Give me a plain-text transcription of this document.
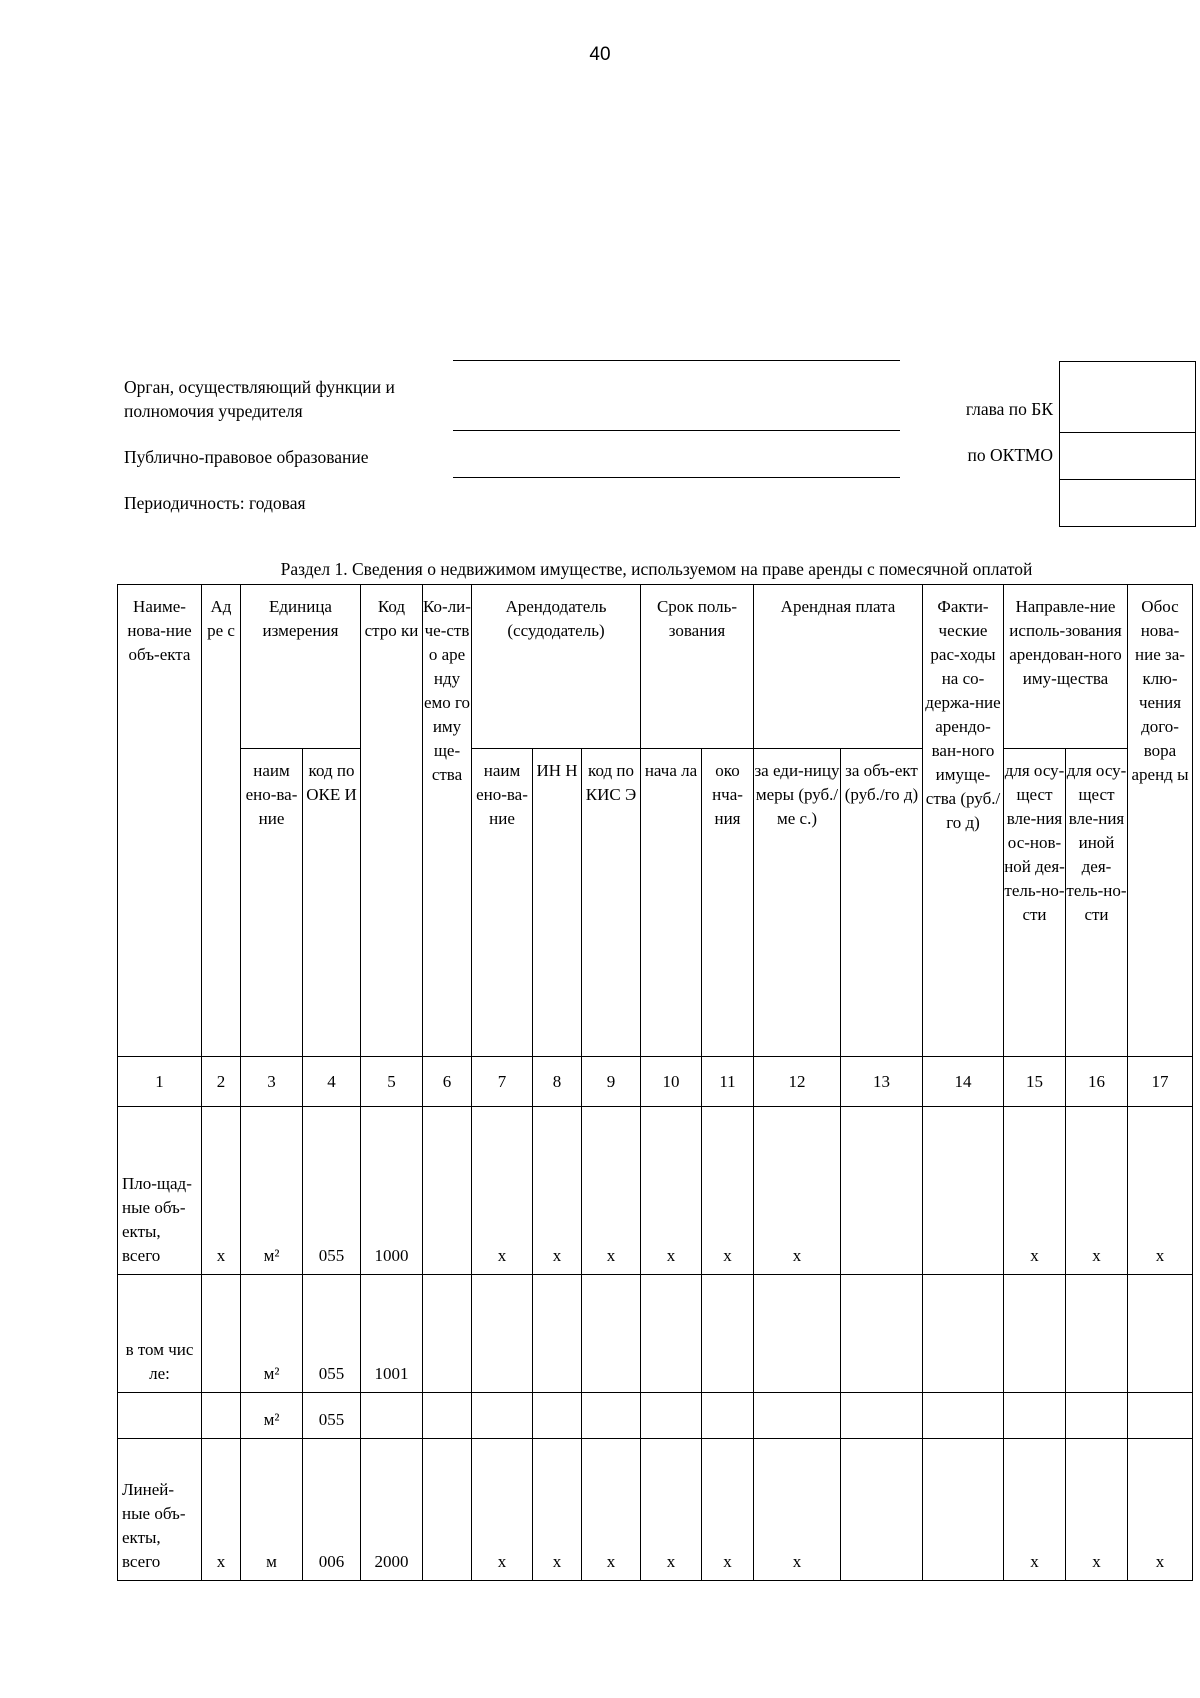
40
Орган, осуществляющий функции и полномочия учредителя
Публично-правовое образование
Периодичность: годовая
глава по БК
по ОКТМО
Раздел 1. Сведения о недвижимом имуществе, используемом на праве аренды с помесячной оплатой
Наиме-нова-ние объ-екта	Ад ре с	Единица измерения		Код стро ки	Ко-ли-че-ств о аре нду емо го иму ще-ства	Арендодатель (ссудодатель)			Срок поль-зования		Арендная плата		Факти-ческие рас-ходы на со-держа-ние арендо-ван-ного имуще-ства (руб./го д)	Направле-ние исполь-зования арендован-ного иму-щества		Обос нова-ние за-клю-чения дого-вора аренд ы
		наим ено-ва-ние	код по ОКЕ И			наим ено-ва-ние	ИН Н	код по КИС Э	нача ла	око нча-ния	за еди-ницу меры (руб./ме с.)	за объ-ект (руб./го д)		для осу-щест вле-ния ос-нов-ной дея-тель-но-сти	для осу-щест вле-ния иной дея-тель-но-сти	
1	2	3	4	5	6	7	8	9	10	11	12	13	14	15	16	17
Пло-щад-ные объ-екты, всего	х	м²	055	1000		х	х	х	х	х	х			х	х	х
в том чис ле:		м²	055	1001												
		м²	055													
Линей-ные объ-екты, всего	х	м	006	2000		х	х	х	х	х	х			х	х	х
